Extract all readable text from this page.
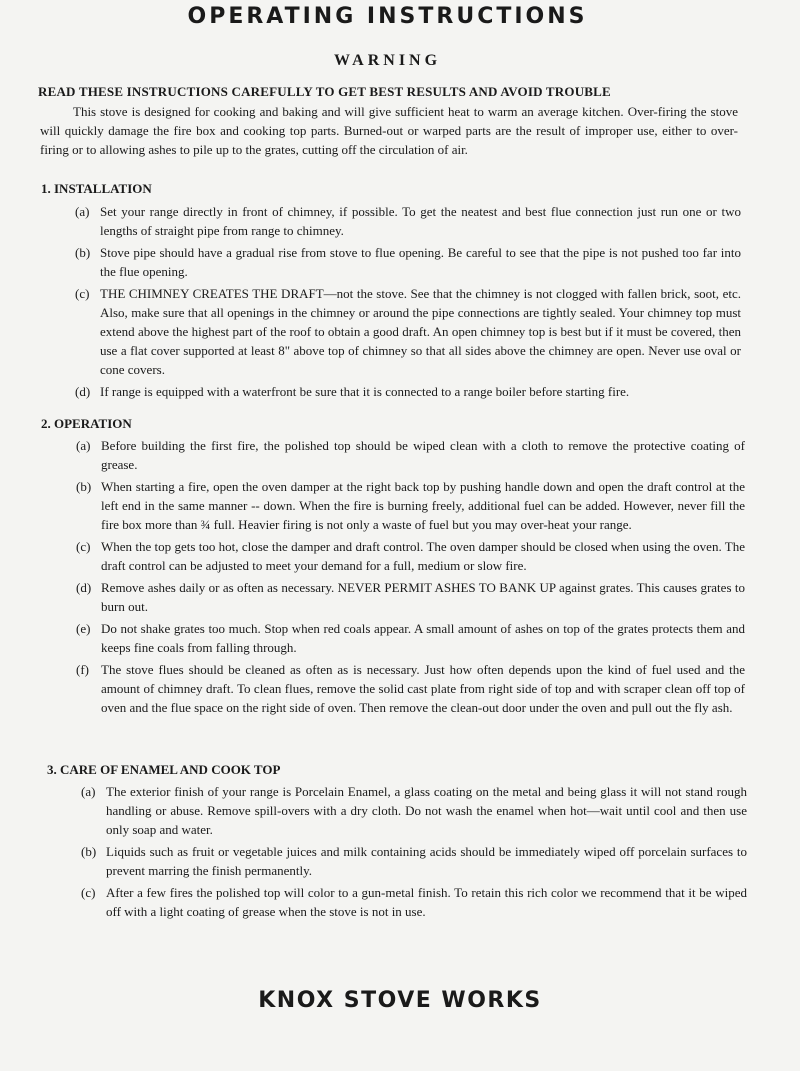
OPERATING INSTRUCTIONS
WARNING

READ THESE INSTRUCTIONS CAREFULLY TO GET BEST RESULTS AND AVOID TROUBLE

This stove is designed for cooking and baking and will give sufficient heat to warm an average kitchen. Over-firing the stove will quickly damage the fire box and cooking top parts. Burned-out or warped parts are the result of improper use, either to over-firing or to allowing ashes to pile up to the grates, cutting off the circulation of air.

1. INSTALLATION

(a) Set your range directly in front of chimney, if possible. To get the neatest and best flue connection just run one or two lengths of straight pipe from range to chimney.

(b) Stove pipe should have a gradual rise from stove to flue opening. Be careful to see that the pipe is not pushed too far into the flue opening.

(c) THE CHIMNEY CREATES THE DRAFT—not the stove. See that the chimney is not clogged with fallen brick, soot, etc. Also, make sure that all openings in the chimney or around the pipe connections are tightly sealed. Your chimney top must extend above the highest part of the roof to obtain a good draft. An open chimney top is best but if it must be covered, then use a flat cover supported at least 8" above top of chimney so that all sides above the chimney are open. Never use oval or cone covers.

(d) If range is equipped with a waterfront be sure that it is connected to a range boiler before starting fire.

2. OPERATION

(a) Before building the first fire, the polished top should be wiped clean with a cloth to remove the protective coating of grease.

(b) When starting a fire, open the oven damper at the right back top by pushing handle down and open the draft control at the left end in the same manner -- down. When the fire is burning freely, additional fuel can be added. However, never fill the fire box more than ¾ full. Heavier firing is not only a waste of fuel but you may over-heat your range.

(c) When the top gets too hot, close the damper and draft control. The oven damper should be closed when using the oven. The draft control can be adjusted to meet your demand for a full, medium or slow fire.

(d) Remove ashes daily or as often as necessary. NEVER PERMIT ASHES TO BANK UP against grates. This causes grates to burn out.

(e) Do not shake grates too much. Stop when red coals appear. A small amount of ashes on top of the grates protects them and keeps fine coals from falling through.

(f) The stove flues should be cleaned as often as is necessary. Just how often depends upon the kind of fuel used and the amount of chimney draft. To clean flues, remove the solid cast plate from right side of top and with scraper clean off top of oven and the flue space on the right side of oven. Then remove the clean-out door under the oven and pull out the fly ash.

3. CARE OF ENAMEL AND COOK TOP

(a) The exterior finish of your range is Porcelain Enamel, a glass coating on the metal and being glass it will not stand rough handling or abuse. Remove spill-overs with a dry cloth. Do not wash the enamel when hot—wait until cool and then use only soap and water.

(b) Liquids such as fruit or vegetable juices and milk containing acids should be immediately wiped off porcelain surfaces to prevent marring the finish permanently.

(c) After a few fires the polished top will color to a gun-metal finish. To retain this rich color we recommend that it be wiped off with a light coating of grease when the stove is not in use.

KNOX STOVE WORKS
